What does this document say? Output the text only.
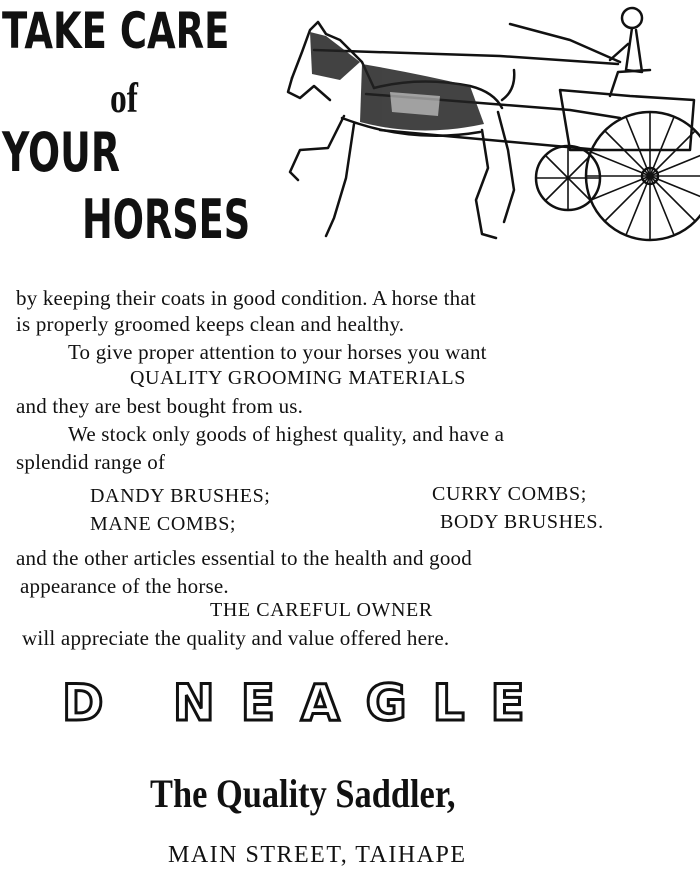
TAKE CARE
of
YOUR
HORSES
by keeping their coats in good condition. A horse that
is properly groomed keeps clean and healthy.
To give proper attention to your horses you want
QUALITY GROOMING MATERIALS
and they are best bought from us.
We stock only goods of highest quality, and have a
splendid range of
DANDY BRUSHES;	CURRY COMBS;
MANE COMBS;	BODY BRUSHES.
and the other articles essential to the health and good
appearance of the horse.
THE CAREFUL OWNER
will appreciate the quality and value offered here.
D NEAGLE
The Quality Saddler,
MAIN STREET, TAIHAPE
